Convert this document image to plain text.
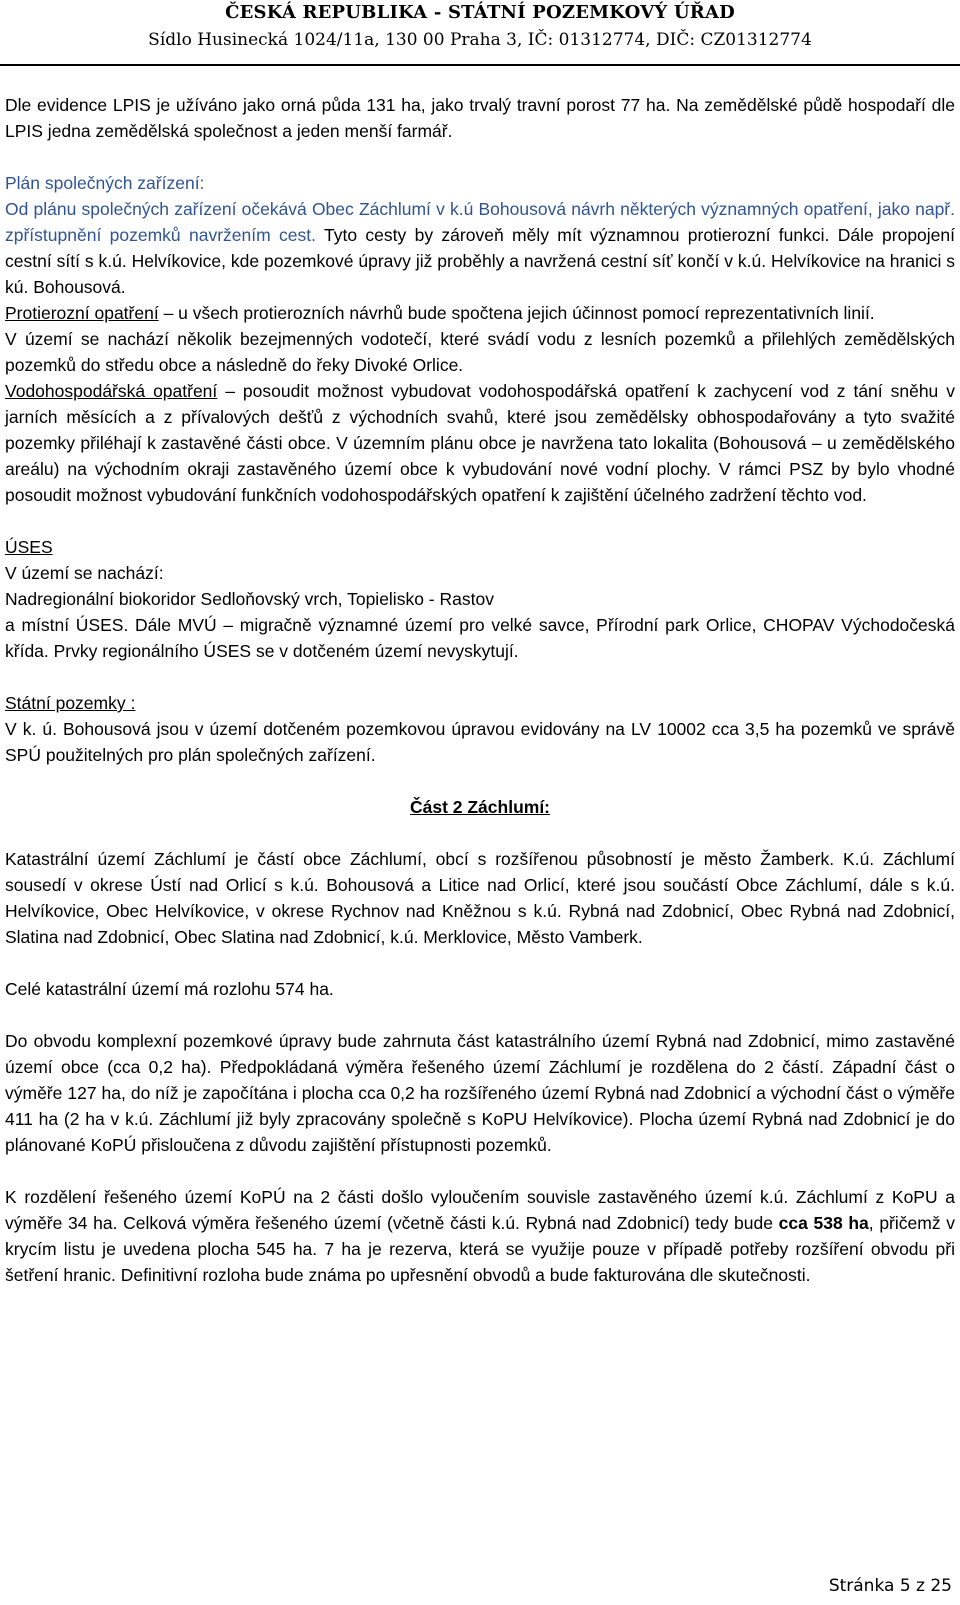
ČESKÁ REPUBLIKA - STÁTNÍ POZEMKOVÝ ÚŘAD
Sídlo Husinecká 1024/11a, 130 00 Praha 3, IČ: 01312774, DIČ: CZ01312774

Dle evidence LPIS je užíváno jako orná půda 131 ha, jako trvalý travní porost 77 ha. Na zemědělské půdě hospodaří dle LPIS jedna zemědělská společnost a jeden menší farmář.

Plán společných zařízení:

Od plánu společných zařízení očekává Obec Záchlumí v k.ú Bohousová návrh některých významných opatření, jako např. zpřístupnění pozemků navržením cest. Tyto cesty by zároveň měly mít významnou protierozní funkci. Dále propojení cestní sítí s k.ú. Helvíkovice, kde pozemkové úpravy již proběhly a navržená cestní síť končí v k.ú. Helvíkovice na hranici s kú. Bohousová.

Protierozní opatření – u všech protierozních návrhů bude spočtena jejich účinnost pomocí reprezentativních linií.

V území se nachází několik bezejmenných vodotečí, které svádí vodu z lesních pozemků a přilehlých zemědělských pozemků do středu obce a následně do řeky Divoké Orlice.

Vodohospodářská opatření – posoudit možnost vybudovat vodohospodářská opatření k zachycení vod z tání sněhu v jarních měsících a z přívalových dešťů z východních svahů, které jsou zemědělsky obhospodařovány a tyto svažité pozemky přiléhají k zastavěné části obce. V územním plánu obce je navržena tato lokalita (Bohousová – u zemědělského areálu) na východním okraji zastavěného území obce k vybudování nové vodní plochy. V rámci PSZ by bylo vhodné posoudit možnost vybudování funkčních vodohospodářských opatření k zajištění účelného zadržení těchto vod.

ÚSES

V území se nachází:

Nadregionální biokoridor Sedloňovský vrch, Topielisko - Rastov

a místní ÚSES. Dále MVÚ – migračně významné území pro velké savce, Přírodní park Orlice, CHOPAV Východočeská křída. Prvky regionálního ÚSES se v dotčeném území nevyskytují.

Státní pozemky :

V k. ú. Bohousová jsou v území dotčeném pozemkovou úpravou evidovány na LV 10002 cca 3,5 ha pozemků ve správě SPÚ použitelných pro plán společných zařízení.

Část 2 Záchlumí:

Katastrální území Záchlumí je částí obce Záchlumí, obcí s rozšířenou působností je město Žamberk. K.ú. Záchlumí sousedí v okrese Ústí nad Orlicí s k.ú. Bohousová a Litice nad Orlicí, které jsou součástí Obce Záchlumí, dále s k.ú. Helvíkovice, Obec Helvíkovice, v okrese Rychnov nad Kněžnou s k.ú. Rybná nad Zdobnicí, Obec Rybná nad Zdobnicí, Slatina nad Zdobnicí, Obec Slatina nad Zdobnicí, k.ú. Merklovice, Město Vamberk.

Celé katastrální území má rozlohu 574 ha.

Do obvodu komplexní pozemkové úpravy bude zahrnuta část katastrálního území Rybná nad Zdobnicí, mimo zastavěné území obce (cca 0,2 ha). Předpokládaná výměra řešeného území Záchlumí je rozdělena do 2 částí. Západní část o výměře 127 ha, do níž je započítána i plocha cca 0,2 ha rozšířeného území Rybná nad Zdobnicí a východní část o výměře 411 ha (2 ha v k.ú. Záchlumí již byly zpracovány společně s KoPU Helvíkovice). Plocha území Rybná nad Zdobnicí je do plánované KoPÚ přislоučena z důvodu zajištění přístupnosti pozemků.

K rozdělení řešeného území KoPÚ na 2 části došlo vyloučením souvisle zastavěného území k.ú. Záchlumí z KoPU a výměře 34 ha. Celková výměra řešeného území (včetně části k.ú. Rybná nad Zdobnicí) tedy bude cca 538 ha, přičemž v krycím listu je uvedena plocha 545 ha. 7 ha je rezerva, která se využije pouze v případě potřeby rozšíření obvodu při šetření hranic. Definitivní rozloha bude známa po upřesnění obvodů a bude fakturována dle skutečnosti.

Stránka 5 z 25
